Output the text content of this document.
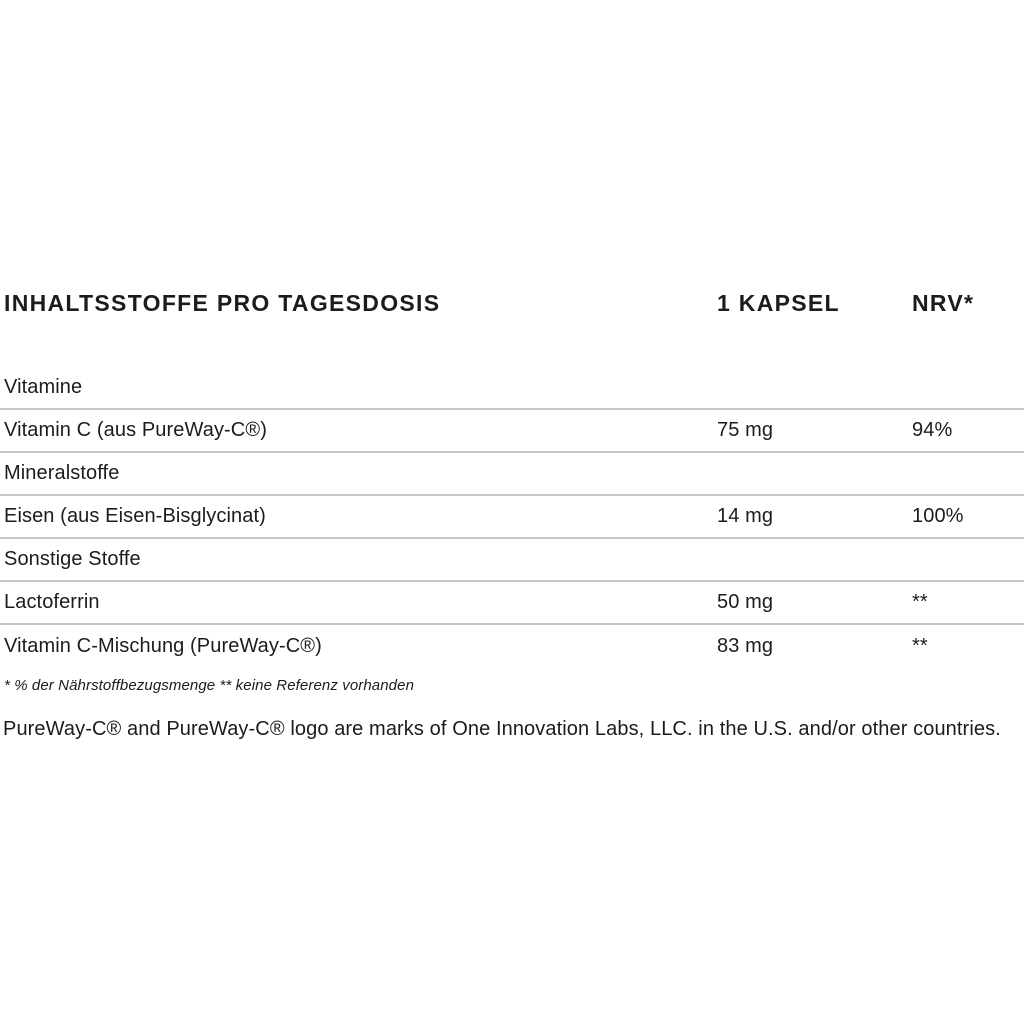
INHALTSSTOFFE PRO TAGESDOSIS	1 KAPSEL	NRV*
Vitamine
Vitamin C (aus PureWay-C®)	75 mg	94%
Mineralstoffe
Eisen (aus Eisen-Bisglycinat)	14 mg	100%
Sonstige Stoffe
Lactoferrin	50 mg	**
Vitamin C-Mischung (PureWay-C®)	83 mg	**
* % der Nährstoffbezugsmenge ** keine Referenz vorhanden
PureWay-C® and PureWay-C® logo are marks of One Innovation Labs, LLC. in the U.S. and/or other countries.
